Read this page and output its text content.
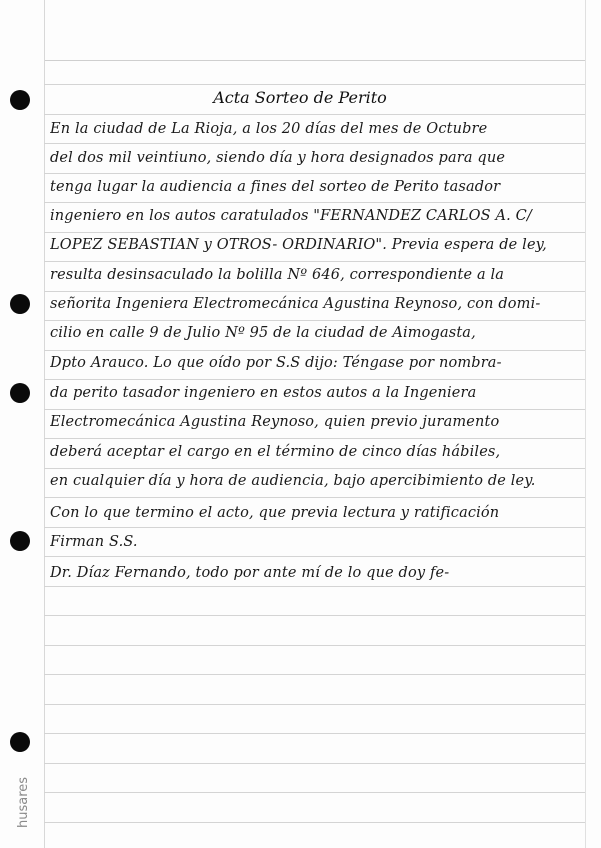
Acta Sorteo de Perito
En la ciudad de La Rioja, a los 20 días del mes de Octubre
del dos mil veintiuno, siendo día y hora designados para que
tenga lugar la audiencia a fines del sorteo de Perito tasador
ingeniero en los autos caratulados "FERNANDEZ CARLOS A. C/
LOPEZ SEBASTIAN y OTROS- ORDINARIO". Previa espera de ley,
resulta desinsaculado la bolilla Nº 646, correspondiente a la
señorita Ingeniera Electromecánica Agustina Reynoso, con domi-
cilio en calle 9 de Julio Nº 95 de la ciudad de Aimogasta,
Dpto Arauco. Lo que oído por S.S dijo: Téngase por nombra-
da perito tasador ingeniero en estos autos a la Ingeniera
Electromecánica Agustina Reynoso, quien previo juramento
deberá aceptar el cargo en el término de cinco días hábiles,
en cualquier día y hora de audiencia, bajo apercibimiento de ley.
Con lo que termino el acto, que previa lectura y ratificación
Firman S.S.
Dr. Díaz Fernando, todo por ante mí de lo que doy fe-
husares
